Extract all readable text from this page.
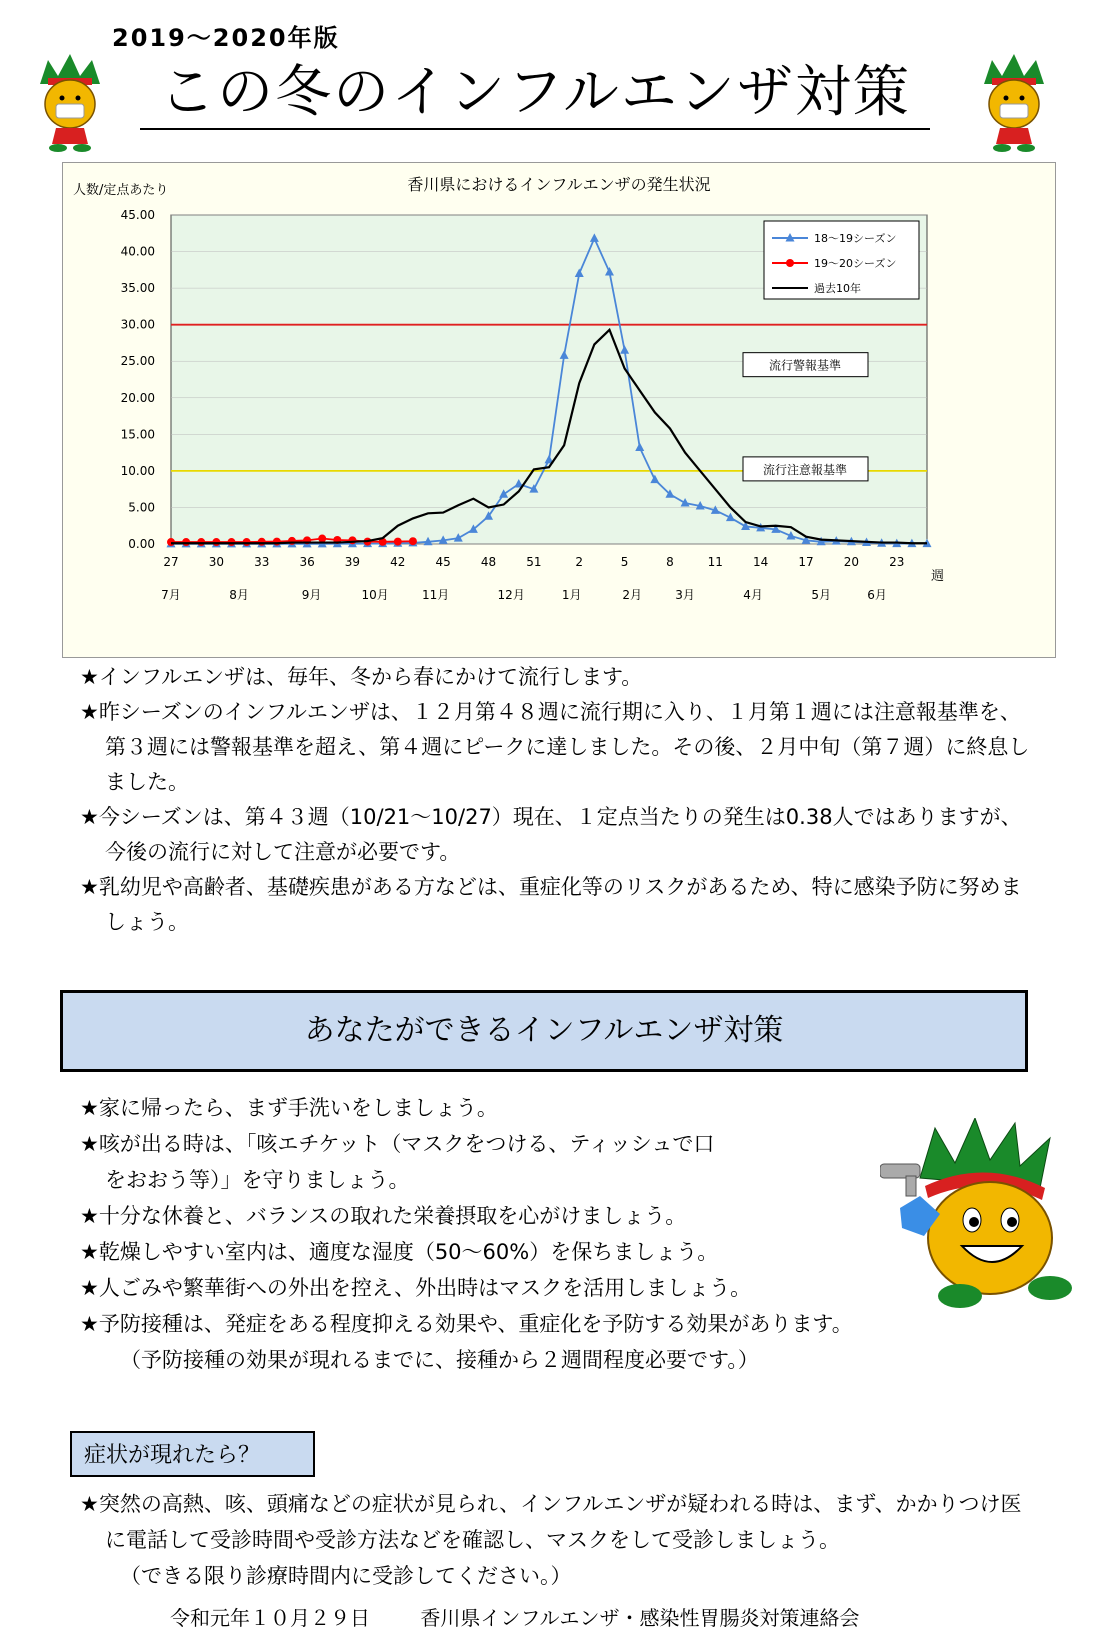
2019～2020年版
この冬のインフルエンザ対策
香川県におけるインフルエンザの発生状況
人数/定点あたり
0.00
5.00
10.00
15.00
20.00
25.00
30.00
35.00
40.00
45.00
27	30	33	36	39	42	45	48	51	2	5	8	11	14	17	20	23
週
7月	8月	9月	10月	11月	12月	1月	2月	3月	4月	5月	6月
流行警報基準
流行注意報基準
18～19シーズン
19～20シーズン
過去10年
★インフルエンザは、毎年、冬から春にかけて流行します。
★昨シーズンのインフルエンザは、１２月第４８週に流行期に入り、１月第１週には注意報基準を、第３週には警報基準を超え、第４週にピークに達しました。その後、２月中旬（第７週）に終息しました。
★今シーズンは、第４３週（10/21～10/27）現在、１定点当たりの発生は0.38人ではありますが、今後の流行に対して注意が必要です。
★乳幼児や高齢者、基礎疾患がある方などは、重症化等のリスクがあるため、特に感染予防に努めましょう。
あなたができるインフルエンザ対策
★家に帰ったら、まず手洗いをしましょう。
★咳が出る時は、「咳エチケット（マスクをつける、ティッシュで口をおおう等）」を守りましょう。
★十分な休養と、バランスの取れた栄養摂取を心がけましょう。
★乾燥しやすい室内は、適度な湿度（50～60%）を保ちましょう。
★人ごみや繁華街への外出を控え、外出時はマスクを活用しましょう。
★予防接種は、発症をある程度抑える効果や、重症化を予防する効果があります。
（予防接種の効果が現れるまでに、接種から２週間程度必要です。）
症状が現れたら？
★突然の高熱、咳、頭痛などの症状が見られ、インフルエンザが疑われる時は、まず、かかりつけ医に電話して受診時間や受診方法などを確認し、マスクをして受診しましょう。
（できる限り診療時間内に受診してください。）
令和元年１０月２９日	香川県インフルエンザ・感染性胃腸炎対策連絡会
